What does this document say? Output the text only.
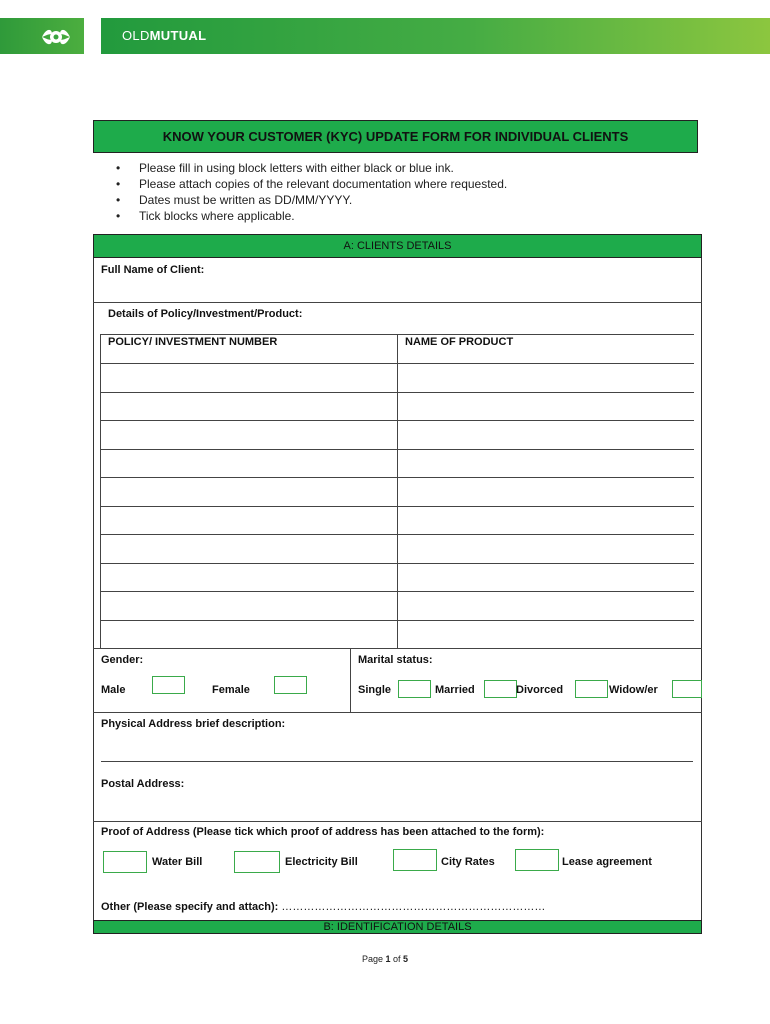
OLDMUTUAL
KNOW YOUR CUSTOMER (KYC) UPDATE FORM FOR INDIVIDUAL CLIENTS
• Please fill in using block letters with either black or blue ink.
• Please attach copies of the relevant documentation where requested.
• Dates must be written as DD/MM/YYYY.
• Tick blocks where applicable.
A: CLIENTS DETAILS
Full Name of Client:
Details of Policy/Investment/Product:
POLICY/ INVESTMENT NUMBER	NAME OF PRODUCT
Gender:
Male	Female
Marital status:
Single	Married	Divorced	Widow/er
Physical Address brief description:
Postal Address:
Proof of Address (Please tick which proof of address has been attached to the form):
Water Bill	Electricity Bill	City Rates	Lease agreement
Other (Please specify and attach): ………………………………………………………………
B: IDENTIFICATION DETAILS
Page 1 of 5
